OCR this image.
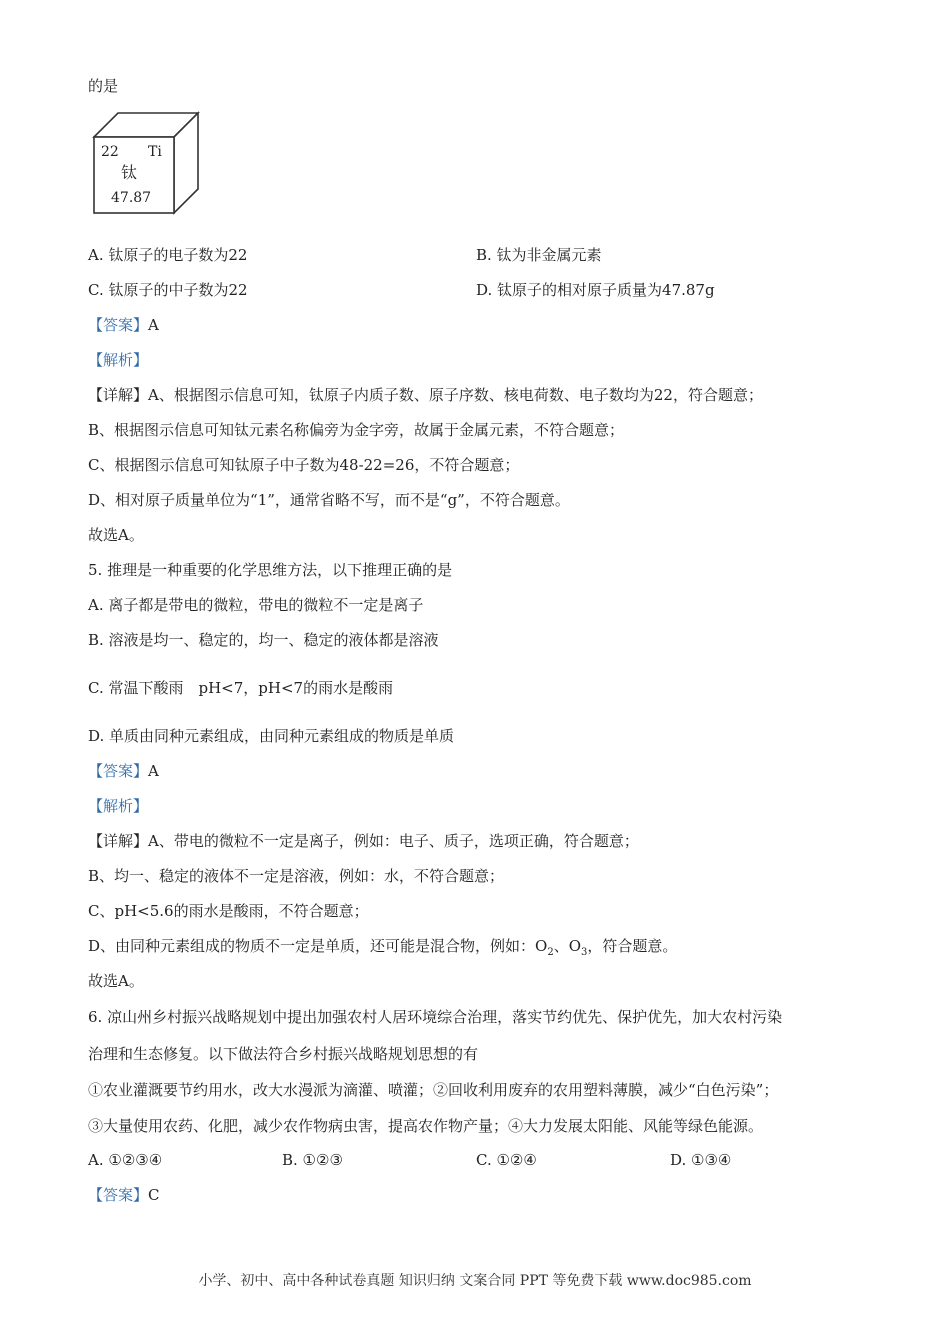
的是
22 Ti
钛
47.87
A. 钛原子的电子数为22	B. 钛为非金属元素
C. 钛原子的中子数为22	D. 钛原子的相对原子质量为47.87g
【答案】A
【解析】
【详解】A、根据图示信息可知，钛原子内质子数、原子序数、核电荷数、电子数均为22，符合题意；
B、根据图示信息可知钛元素名称偏旁为金字旁，故属于金属元素，不符合题意；
C、根据图示信息可知钛原子中子数为48-22=26，不符合题意；
D、相对原子质量单位为“1”，通常省略不写，而不是“g”，不符合题意。
故选A。
5. 推理是一种重要的化学思维方法，以下推理正确的是
A. 离子都是带电的微粒，带电的微粒不一定是离子
B. 溶液是均一、稳定的，均一、稳定的液体都是溶液
C. 常温下酸雨　pH<7，pH<7的雨水是酸雨
D. 单质由同种元素组成，由同种元素组成的物质是单质
【答案】A
【解析】
【详解】A、带电的微粒不一定是离子，例如：电子、质子，选项正确，符合题意；
B、均一、稳定的液体不一定是溶液，例如：水，不符合题意；
C、pH<5.6的雨水是酸雨，不符合题意；
D、由同种元素组成的物质不一定是单质，还可能是混合物，例如：$O_2$、$O_3$，符合题意。
故选A。
6. 凉山州乡村振兴战略规划中提出加强农村人居环境综合治理，落实节约优先、保护优先，加大农村污染
治理和生态修复。以下做法符合乡村振兴战略规划思想的有
①农业灌溉要节约用水，改大水漫派为滴灌、喷灌；②回收利用废弃的农用塑料薄膜，减少“白色污染”；
③大量使用农药、化肥，减少农作物病虫害，提高农作物产量；④大力发展太阳能、风能等绿色能源。
A. ①②③④	B. ①②③	C. ①②④	D. ①③④
【答案】C
小学、初中、高中各种试卷真题 知识归纳 文案合同 PPT 等免费下载 www.doc985.com
